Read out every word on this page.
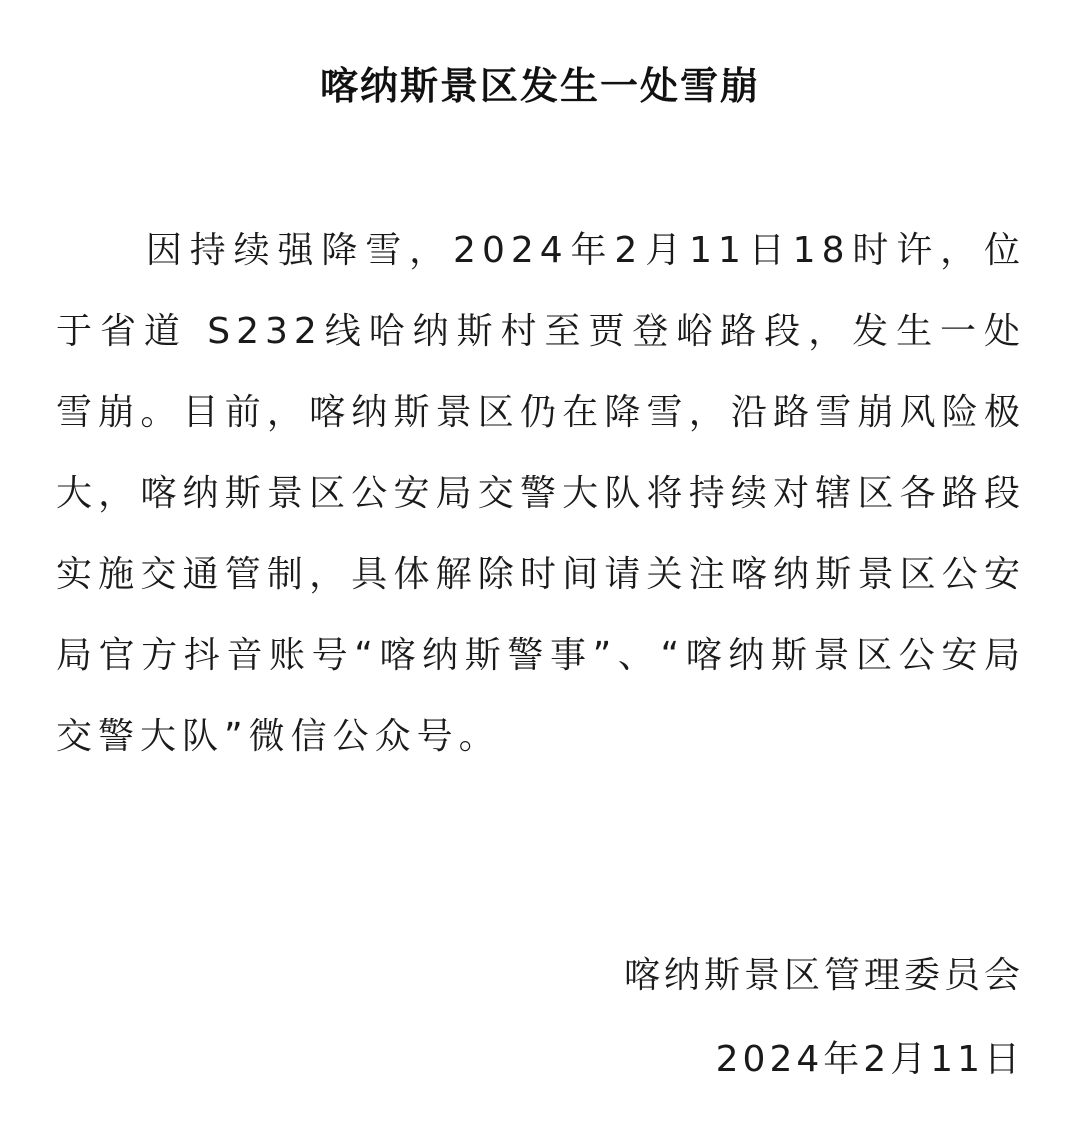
喀纳斯景区发生一处雪崩

因持续强降雪，2024年2月11日18时许，位于省道 S232线哈纳斯村至贾登峪路段，发生一处雪崩。目前，喀纳斯景区仍在降雪，沿路雪崩风险极大，喀纳斯景区公安局交警大队将持续对辖区各路段实施交通管制，具体解除时间请关注喀纳斯景区公安局官方抖音账号“喀纳斯警事”、“喀纳斯景区公安局交警大队”微信公众号。

喀纳斯景区管理委员会
2024年2月11日
